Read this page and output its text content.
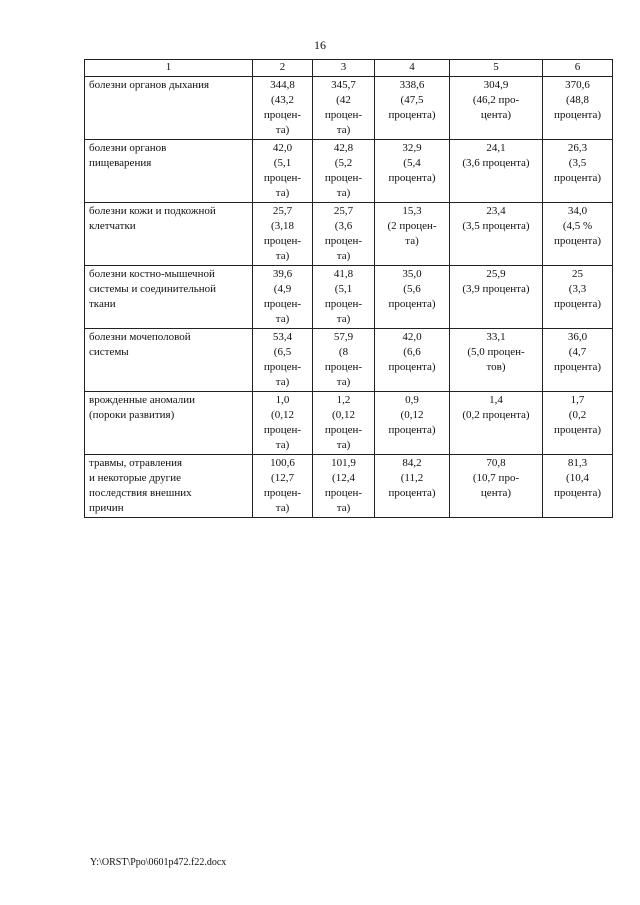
16
1	2	3	4	5	6

болезни органов дыхания	344,8
(43,2
процен-
та)	345,7
(42
процен-
та)	338,6
(47,5
процента)	304,9
(46,2 про-
цента)	370,6
(48,8
процента)

болезни органов
пищеварения	42,0
(5,1
процен-
та)	42,8
(5,2
процен-
та)	32,9
(5,4
процента)	24,1
(3,6 процента)	26,3
(3,5
процента)

болезни кожи и подкожной
клетчатки	25,7
(3,18
процен-
та)	25,7
(3,6
процен-
та)	15,3
(2 процен-
та)	23,4
(3,5 процента)	34,0
(4,5 %
процента)

болезни костно-мышечной
системы и соединительной
ткани	39,6
(4,9
процен-
та)	41,8
(5,1
процен-
та)	35,0
(5,6
процента)	25,9
(3,9 процента)	25
(3,3
процента)

болезни мочеполовой
системы	53,4
(6,5
процен-
та)	57,9
(8
процен-
та)	42,0
(6,6
процента)	33,1
(5,0 процен-
тов)	36,0
(4,7
процента)

врожденные аномалии
(пороки развития)	1,0
(0,12
процен-
та)	1,2
(0,12
процен-
та)	0,9
(0,12
процента)	1,4
(0,2 процента)	1,7
(0,2
процента)

травмы, отравления
и некоторые другие
последствия внешних
причин	100,6
(12,7
процен-
та)	101,9
(12,4
процен-
та)	84,2
(11,2
процента)	70,8
(10,7 про-
цента)	81,3
(10,4
процента)
Y:\ORST\Ppo\0601p472.f22.docx
